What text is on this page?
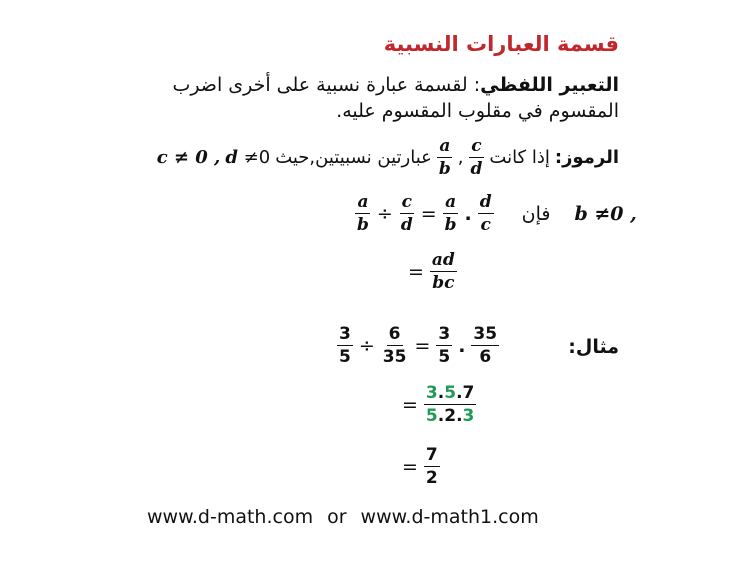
قسمة العبارات النسبية
التعبير اللفظي: لقسمة عبارة نسبية على أخرى اضرب المقسوم في مقلوب المقسوم عليه.
الرموز:
إذا كانت
$\frac{c}{d}$
,
$\frac{a}{b}$
عبارتين نسبيتين,حيث
d ≠0
c ≠ 0 ,
$\frac{a}{b} \div \frac{c}{d} = \frac{a}{b}$ . $\frac{d}{c}$ فإن b ≠0 ,
= $\frac{ad}{bc}$
مثال:
$\frac{3}{5} \div \frac{6}{35} = \frac{3}{5}$ . $\frac{35}{6}$
= $\frac{3.5.7}{5.2.3}$
= $\frac{7}{2}$
www.d-math.com or www.d-math1.com
